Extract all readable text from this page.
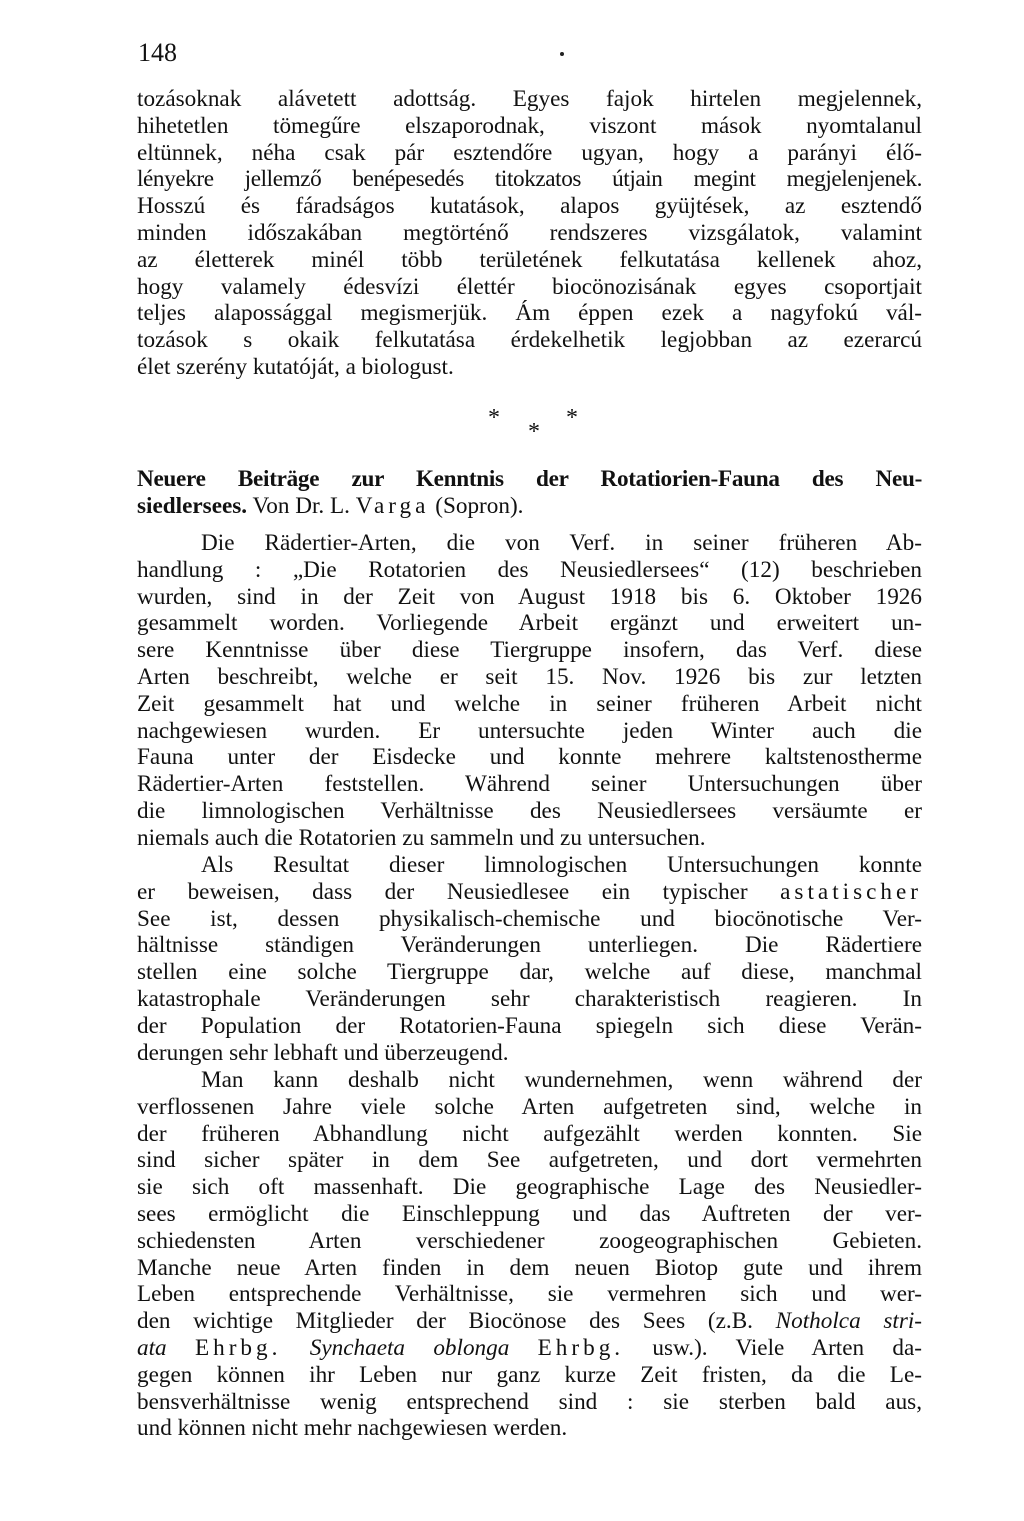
148
tozásoknak alávetett adottság. Egyes fajok hirtelen megjelennek,
hihetetlen tömegűre elszaporodnak, viszont mások nyomtalanul
eltünnek, néha csak pár esztendőre ugyan, hogy a parányi élő-
lényekre jellemző benépesedés titokzatos útjain megint megjelenjenek.
Hosszú és fáradságos kutatások, alapos gyüjtések, az esztendő
minden időszakában megtörténő rendszeres vizsgálatok, valamint
az életterek minél több területének felkutatása kellenek ahoz,
hogy valamely édesvízi élettér biocönozisának egyes csoportjait
teljes alapossággal megismerjük. Ám éppen ezek a nagyfokú vál-
tozások s okaik felkutatása érdekelhetik legjobban az ezerarcú
élet szerény kutatóját, a biologust.
*
*
*
Neuere Beiträge zur Kenntnis der Rotatiorien-Fauna des Neu-
siedlersees. Von Dr. L. Varga (Sopron).
Die Rädertier-Arten, die von Verf. in seiner früheren Ab-
handlung : „Die Rotatorien des Neusiedlersees“ (12) beschrieben
wurden, sind in der Zeit von August 1918 bis 6. Oktober 1926
gesammelt worden. Vorliegende Arbeit ergänzt und erweitert un-
sere Kenntnisse über diese Tiergruppe insofern, das Verf. diese
Arten beschreibt, welche er seit 15. Nov. 1926 bis zur letzten
Zeit gesammelt hat und welche in seiner früheren Arbeit nicht
nachgewiesen wurden. Er untersuchte jeden Winter auch die
Fauna unter der Eisdecke und konnte mehrere kaltstenostherme
Rädertier-Arten feststellen. Während seiner Untersuchungen über
die limnologischen Verhältnisse des Neusiedlersees versäumte er
niemals auch die Rotatorien zu sammeln und zu untersuchen.
Als Resultat dieser limnologischen Untersuchungen konnte
er beweisen, dass der Neusiedlesee ein typischer astatischer
See ist, dessen physikalisch-chemische und biocönotische Ver-
hältnisse ständigen Veränderungen unterliegen. Die Rädertiere
stellen eine solche Tiergruppe dar, welche auf diese, manchmal
katastrophale Veränderungen sehr charakteristisch reagieren. In
der Population der Rotatorien-Fauna spiegeln sich diese Verän-
derungen sehr lebhaft und überzeugend.
Man kann deshalb nicht wundernehmen, wenn während der
verflossenen Jahre viele solche Arten aufgetreten sind, welche in
der früheren Abhandlung nicht aufgezählt werden konnten. Sie
sind sicher später in dem See aufgetreten, und dort vermehrten
sie sich oft massenhaft. Die geographische Lage des Neusiedler-
sees ermöglicht die Einschleppung und das Auftreten der ver-
schiedensten Arten verschiedener zoogeographischen Gebieten.
Manche neue Arten finden in dem neuen Biotop gute und ihrem
Leben entsprechende Verhältnisse, sie vermehren sich und wer-
den wichtige Mitglieder der Biocönose des Sees (z.B. Notholca stri-
ata Ehrbg. Synchaeta oblonga Ehrbg. usw.). Viele Arten da-
gegen können ihr Leben nur ganz kurze Zeit fristen, da die Le-
bensverhältnisse wenig entsprechend sind : sie sterben bald aus,
und können nicht mehr nachgewiesen werden.
